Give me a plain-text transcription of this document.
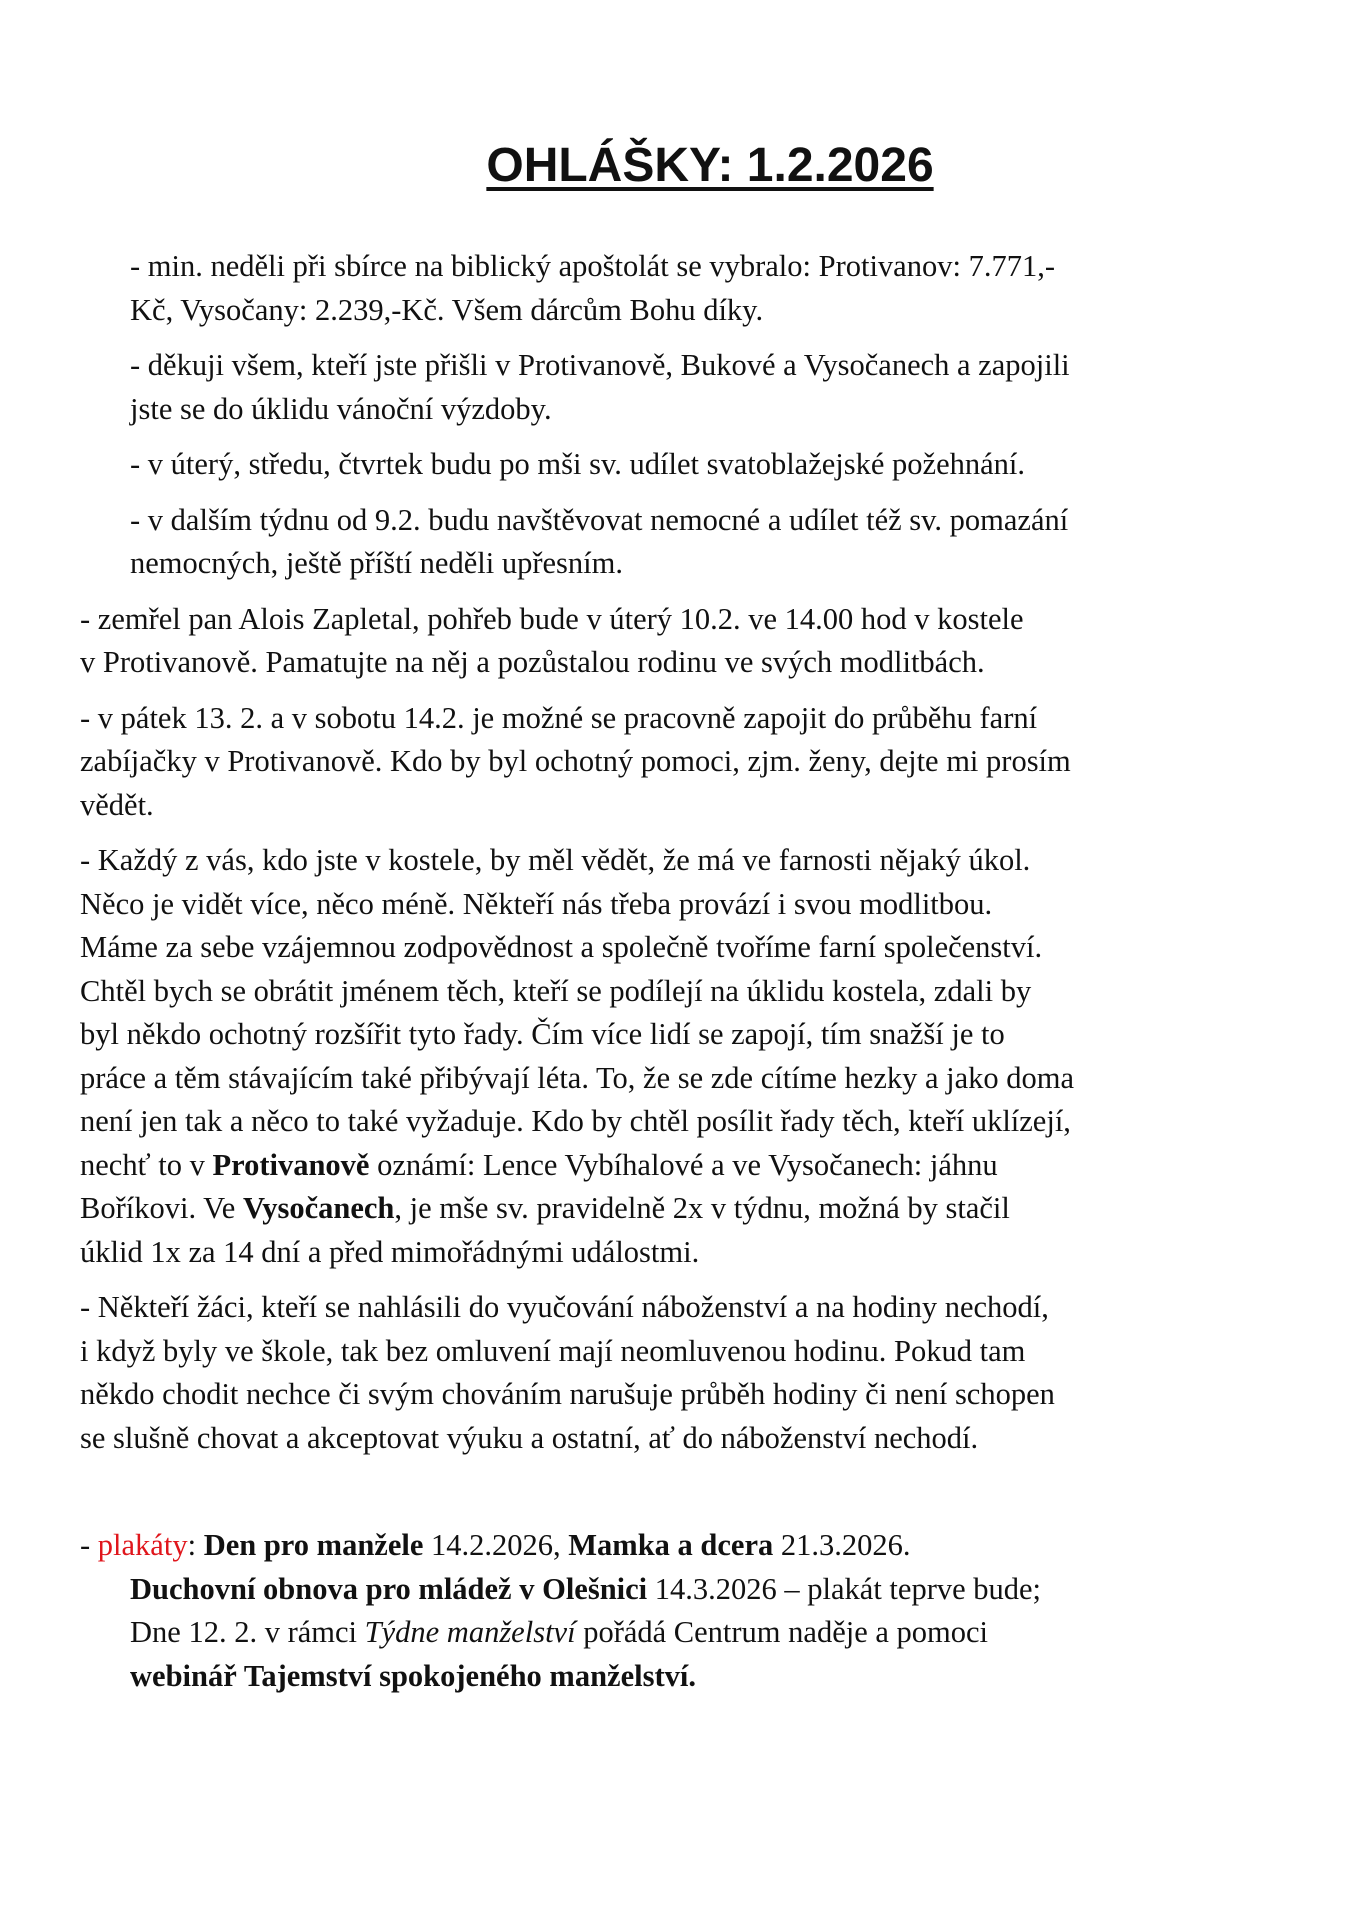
OHLÁŠKY: 1.2.2026

- min. neděli při sbírce na biblický apoštolát se vybralo: Protivanov: 7.771,-
Kč, Vysočany: 2.239,-Kč. Všem dárcům Bohu díky.

- děkuji všem, kteří jste přišli v Protivanově, Bukové a Vysočanech a zapojili
jste se do úklidu vánoční výzdoby.

- v úterý, středu, čtvrtek budu po mši sv. udílet svatoblažejské požehnání.

- v dalším týdnu od 9.2. budu navštěvovat nemocné a udílet též sv. pomazání
nemocných, ještě příští neděli upřesním.

- zemřel pan Alois Zapletal, pohřeb bude v úterý 10.2. ve 14.00 hod v kostele
v Protivanově. Pamatujte na něj a pozůstalou rodinu ve svých modlitbách.

- v pátek 13. 2. a v sobotu 14.2. je možné se pracovně zapojit do průběhu farní
zabíjačky v Protivanově. Kdo by byl ochotný pomoci, zjm. ženy, dejte mi prosím
vědět.

- Každý z vás, kdo jste v kostele, by měl vědět, že má ve farnosti nějaký úkol.
Něco je vidět více, něco méně. Někteří nás třeba provází i svou modlitbou.
Máme za sebe vzájemnou zodpovědnost a společně tvoříme farní společenství.
Chtěl bych se obrátit jménem těch, kteří se podílejí na úklidu kostela, zdali by
byl někdo ochotný rozšířit tyto řady. Čím více lidí se zapojí, tím snažší je to
práce a těm stávajícím také přibývají léta. To, že se zde cítíme hezky a jako doma
není jen tak a něco to také vyžaduje. Kdo by chtěl posílit řady těch, kteří uklízejí,
nechť to v Protivanově oznámí: Lence Vybíhalové a ve Vysočanech: jáhnu
Boříkovi. Ve Vysočanech, je mše sv. pravidelně 2x v týdnu, možná by stačil
úklid 1x za 14 dní a před mimořádnými událostmi.

- Někteří žáci, kteří se nahlásili do vyučování náboženství a na hodiny nechodí,
i když byly ve škole, tak bez omluvení mají neomluvenou hodinu. Pokud tam
někdo chodit nechce či svým chováním narušuje průběh hodiny či není schopen
se slušně chovat a akceptovat výuku a ostatní, ať do náboženství nechodí.

- plakáty: Den pro manžele 14.2.2026, Mamka a dcera 21.3.2026.
Duchovní obnova pro mládež v Olešnici 14.3.2026 – plakát teprve bude;
Dne 12. 2. v rámci Týdne manželství pořádá Centrum naděje a pomoci
webinář Tajemství spokojeného manželství.
